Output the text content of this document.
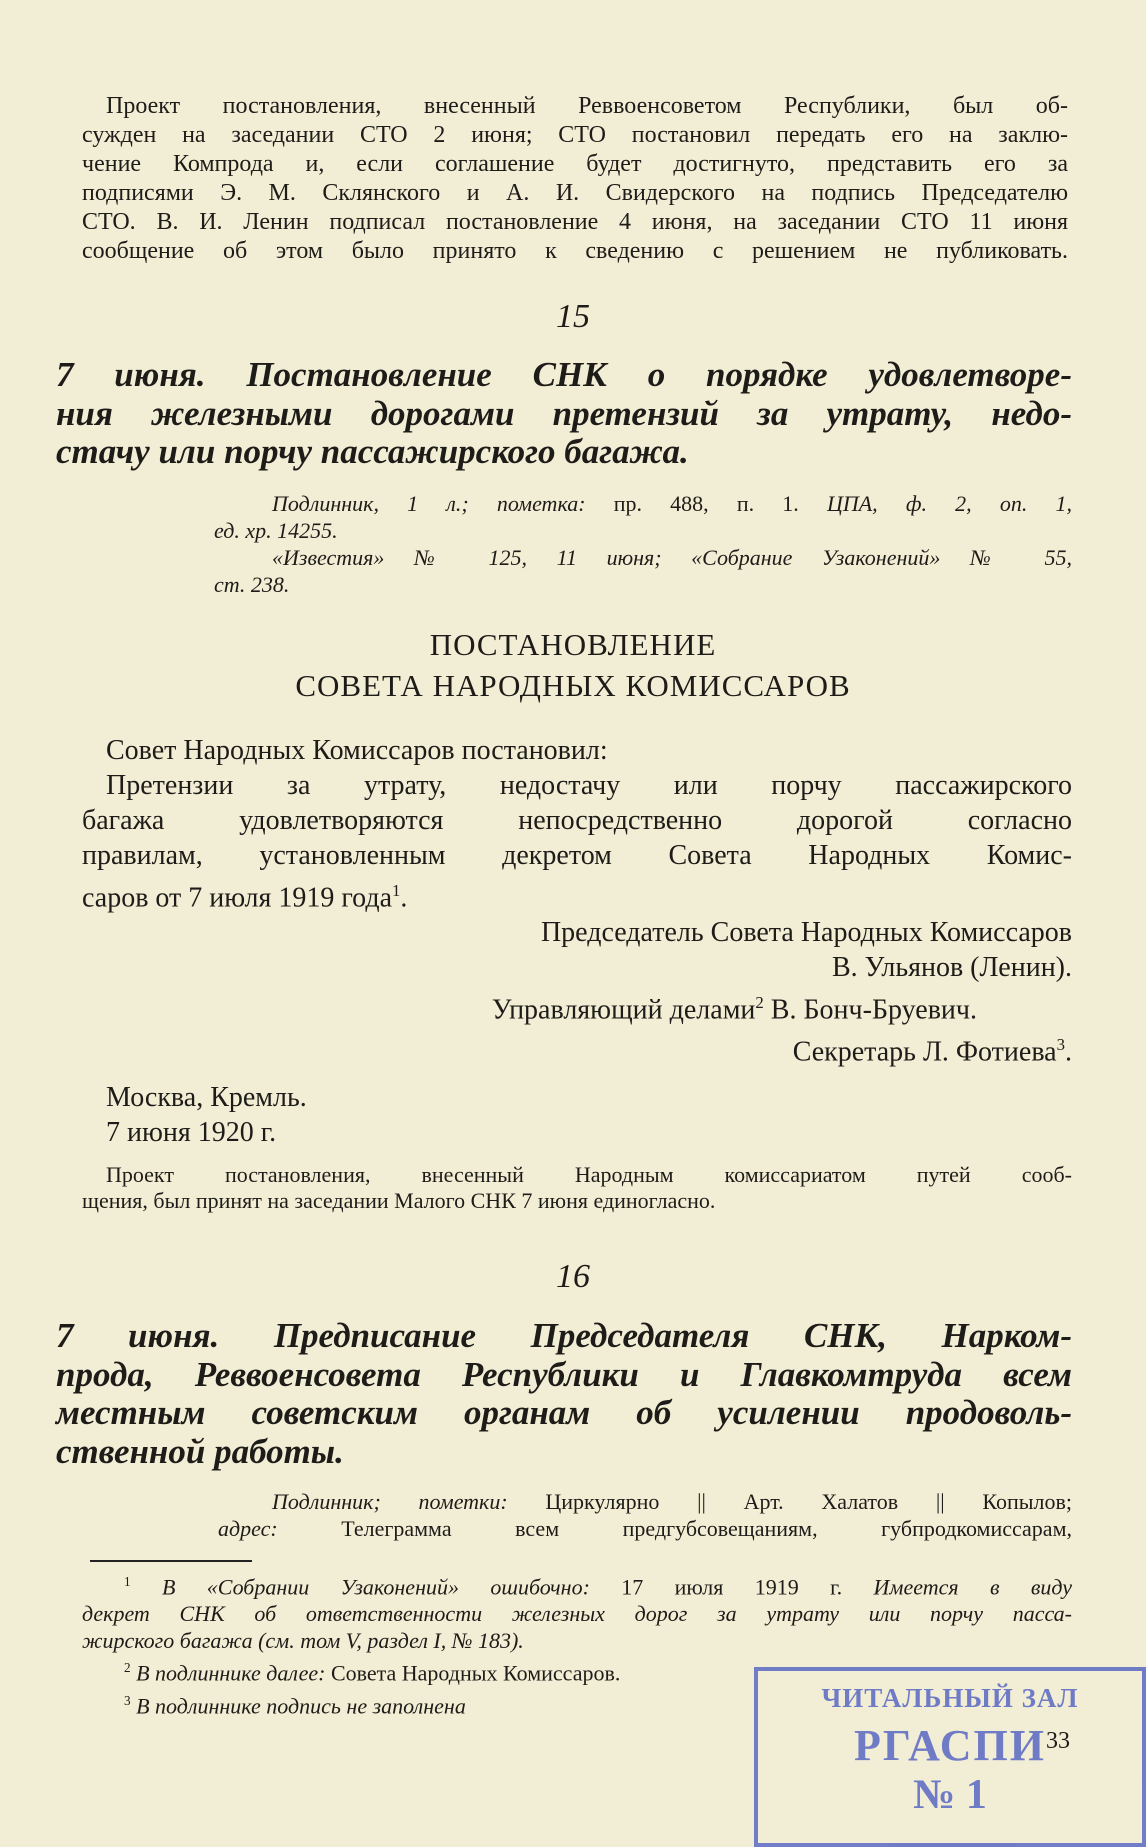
Проект постановления, внесенный Реввоенсоветом Республики, был об-
сужден на заседании СТО 2 июня; СТО постановил передать его на заклю-
чение Компрода и, если соглашение будет достигнуто, представить его за
подписями Э. М. Склянского и А. И. Свидерского на подпись Председателю
СТО. В. И. Ленин подписал постановление 4 июня, на заседании СТО 11 июня
сообщение об этом было принято к сведению с решением не публиковать.
15
7 июня. Постановление СНК о порядке удовлетворе-
ния железными дорогами претензий за утрату, недо-
стачу или порчу пассажирского багажа.
Подлинник, 1 л.; пометка: пр. 488, п. 1. ЦПА, ф. 2, оп. 1,
ед. хр. 14255.
«Известия» № 125, 11 июня; «Собрание Узаконений» № 55,
ст. 238.
ПОСТАНОВЛЕНИЕ
СОВЕТА НАРОДНЫХ КОМИССАРОВ
Совет Народных Комиссаров постановил:
Претензии за утрату, недостачу или порчу пассажирского
багажа удовлетворяются непосредственно дорогой согласно
правилам, установленным декретом Совета Народных Комис-
саров от 7 июля 1919 года$^1$.
Председатель Совета Народных Комиссаров
В. Ульянов (Ленин).
Управляющий делами$^2$ В. Бонч-Бруевич.
Секретарь Л. Фотиева$^3$.
Москва, Кремль.
7 июня 1920 г.
Проект постановления, внесенный Народным комиссариатом путей сооб-
щения, был принят на заседании Малого СНК 7 июня единогласно.
16
7 июня. Предписание Председателя СНК, Нарком-
прода, Реввоенсовета Республики и Главкомтруда всем
местным советским органам об усилении продоволь-
ственной работы.
Подлинник; пометки: Циркулярно || Арт. Халатов || Копылов;
адрес: Телеграмма всем предгубсовещаниям, губпродкомиссарам,
$^1$ В «Собрании Узаконений» ошибочно: 17 июля 1919 г. Имеется в виду
декрет СНК об ответственности железных дорог за утрату или порчу пасса-
жирского багажа (см. том V, раздел I, № 183).
$^2$ В подлиннике далее: Совета Народных Комиссаров.
$^3$ В подлиннике подпись не заполнена	ЧИТАЛЬНЫЙ ЗАЛ
РГАСПИ
№ 1
33
